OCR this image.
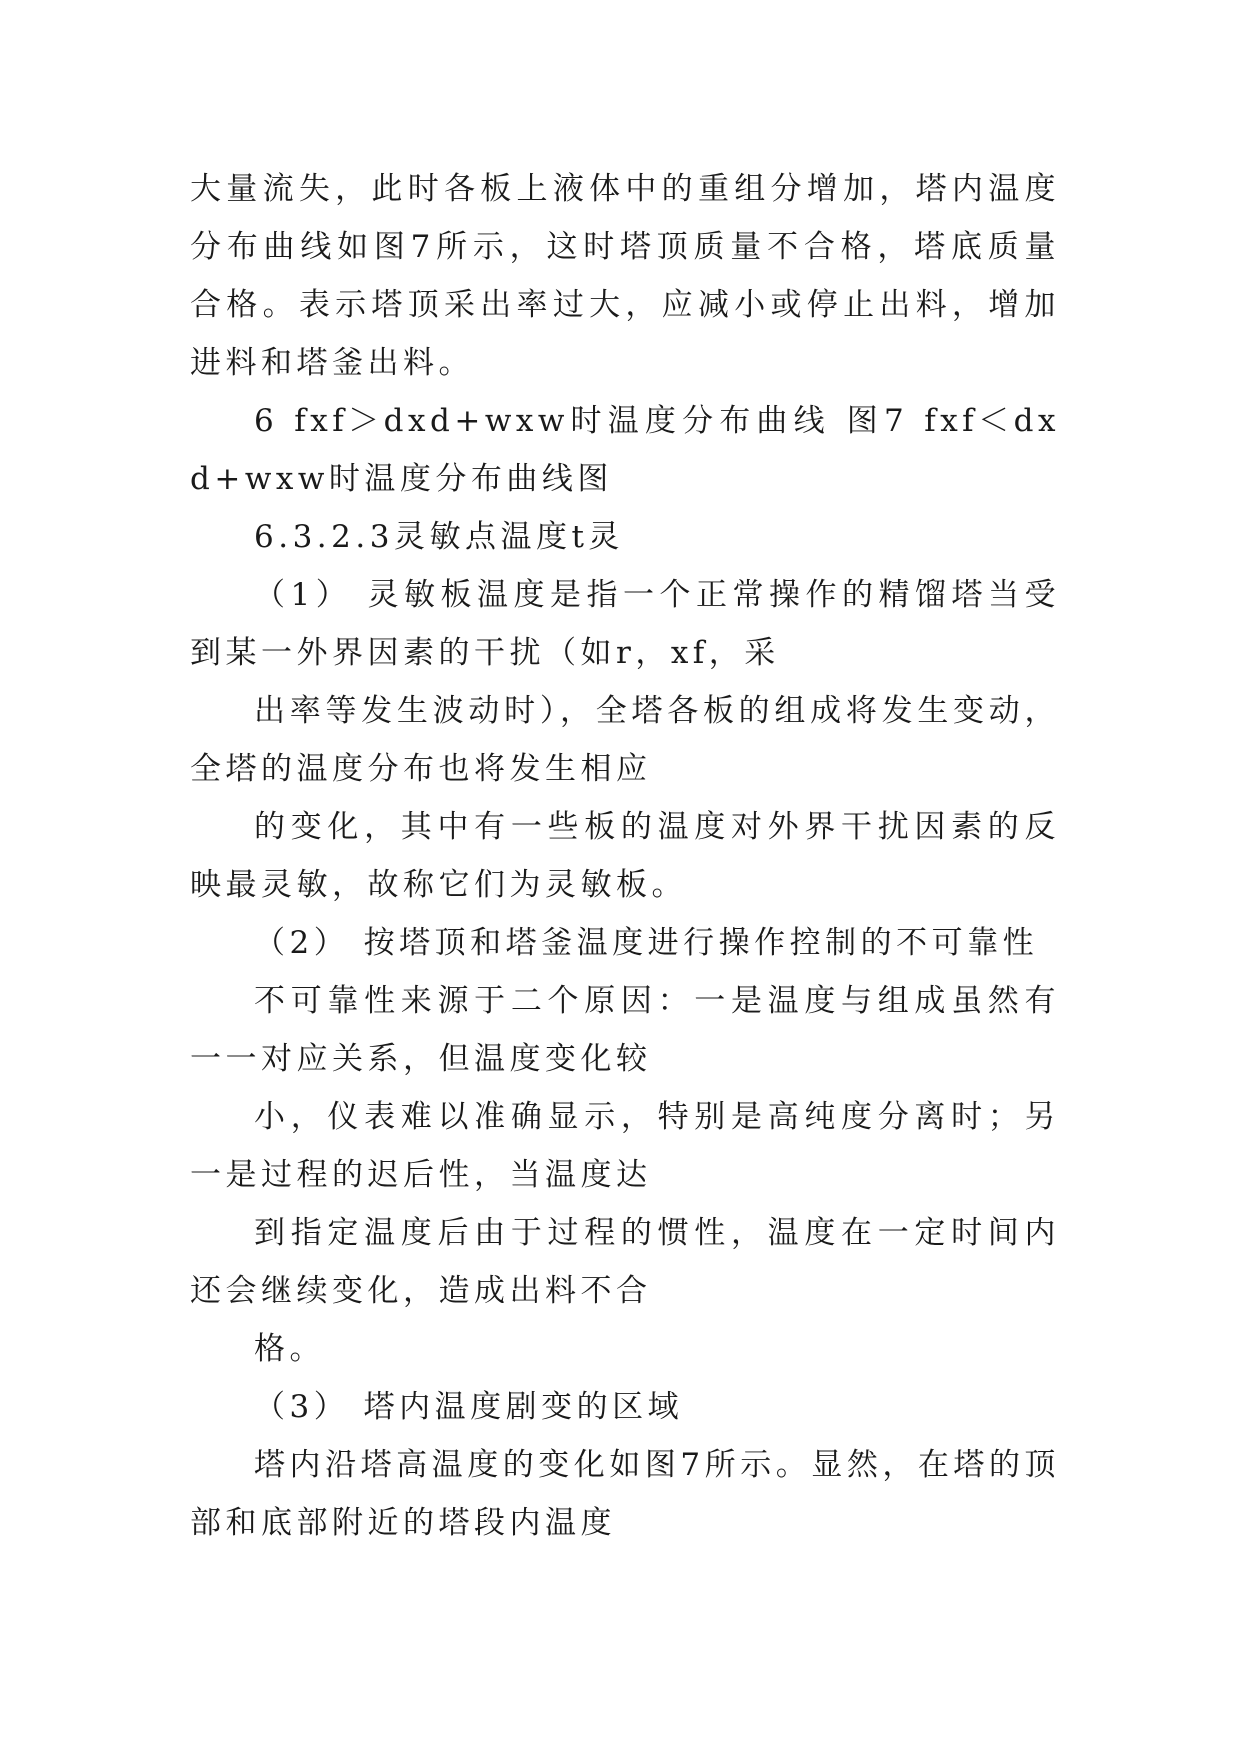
大量流失，此时各板上液体中的重组分增加，塔内温度分布曲线如图7所示，这时塔顶质量不合格，塔底质量合格。表示塔顶采出率过大，应减小或停止出料，增加进料和塔釜出料。

6 fxf＞dxd+wxw时温度分布曲线 图7 fxf＜dxd+wxw时温度分布曲线图

6.3.2.3灵敏点温度t灵

（1） 灵敏板温度是指一个正常操作的精馏塔当受到某一外界因素的干扰（如r，xf，采

出率等发生波动时），全塔各板的组成将发生变动，全塔的温度分布也将发生相应

的变化，其中有一些板的温度对外界干扰因素的反映最灵敏，故称它们为灵敏板。

（2） 按塔顶和塔釜温度进行操作控制的不可靠性

不可靠性来源于二个原因：一是温度与组成虽然有一一对应关系，但温度变化较

小，仪表难以准确显示，特别是高纯度分离时；另一是过程的迟后性，当温度达

到指定温度后由于过程的惯性，温度在一定时间内还会继续变化，造成出料不合

格。

（3） 塔内温度剧变的区域

塔内沿塔高温度的变化如图7所示。显然，在塔的顶部和底部附近的塔段内温度
